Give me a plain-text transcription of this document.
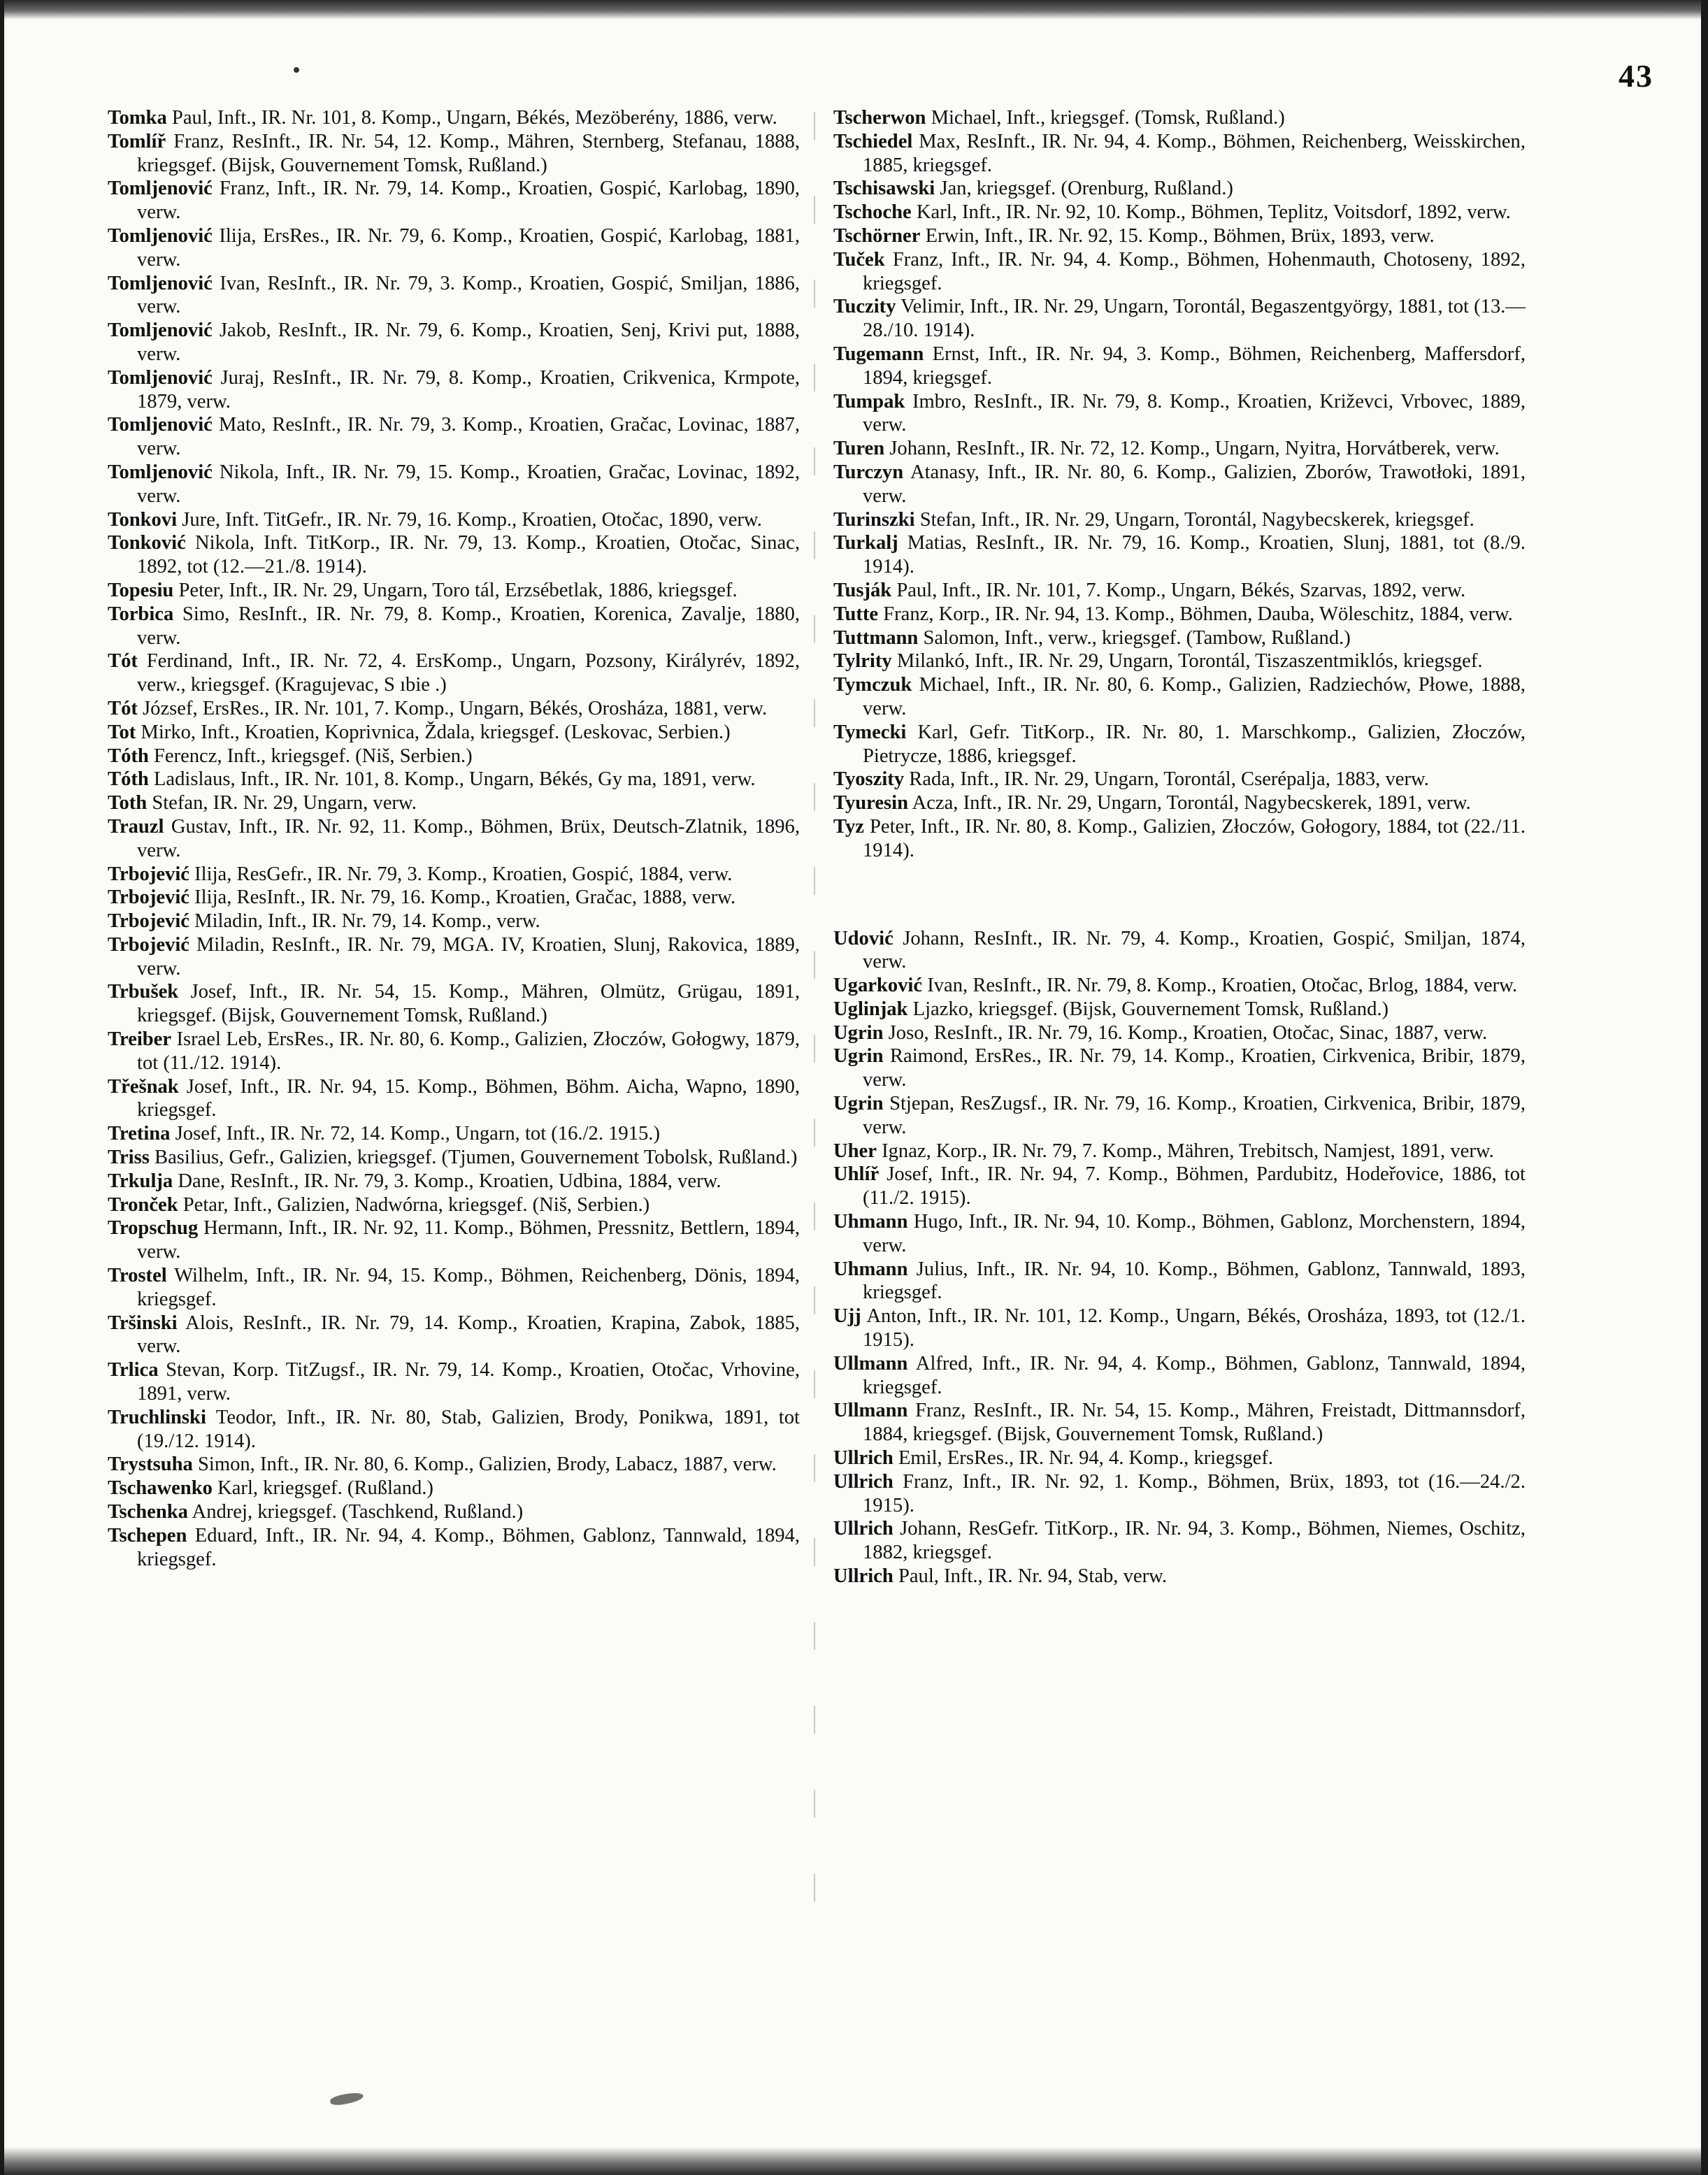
43

Tomka Paul, Inft., IR. Nr. 101, 8. Komp., Ungarn, Békés, Mezöberény, 1886, verw.

Tomlíř Franz, ResInft., IR. Nr. 54, 12. Komp., Mähren, Sternberg, Stefanau, 1888, kriegsgef. (Bijsk, Gouvernement Tomsk, Rußland.)

Tomljenović Franz, Inft., IR. Nr. 79, 14. Komp., Kroatien, Gospić, Karlobag, 1890, verw.

Tomljenović Ilija, ErsRes., IR. Nr. 79, 6. Komp., Kroatien, Gospić, Karlobag, 1881, verw.

Tomljenović Ivan, ResInft., IR. Nr. 79, 3. Komp., Kroatien, Gospić, Smiljan, 1886, verw.

Tomljenović Jakob, ResInft., IR. Nr. 79, 6. Komp., Kroatien, Senj, Krivi put, 1888, verw.

Tomljenović Juraj, ResInft., IR. Nr. 79, 8. Komp., Kroatien, Crikvenica, Krmpote, 1879, verw.

Tomljenović Mato, ResInft., IR. Nr. 79, 3. Komp., Kroatien, Gračac, Lovinac, 1887, verw.

Tomljenović Nikola, Inft., IR. Nr. 79, 15. Komp., Kroatien, Gračac, Lovinac, 1892, verw.

Tonkovi Jure, Inft. TitGefr., IR. Nr. 79, 16. Komp., Kroatien, Otočac, 1890, verw.

Tonković Nikola, Inft. TitKorp., IR. Nr. 79, 13. Komp., Kroatien, Otočac, Sinac, 1892, tot (12.—21./8. 1914).

Topesiu Peter, Inft., IR. Nr. 29, Ungarn, Toro tál, Erzsébetlak, 1886, kriegsgef.

Torbica Simo, ResInft., IR. Nr. 79, 8. Komp., Kroatien, Korenica, Zavalje, 1880, verw.

Tót Ferdinand, Inft., IR. Nr. 72, 4. ErsKomp., Ungarn, Pozsony, Királyrév, 1892, verw., kriegsgef. (Kragujevac, S ıbie .)

Tót József, ErsRes., IR. Nr. 101, 7. Komp., Ungarn, Békés, Orosháza, 1881, verw.

Tot Mirko, Inft., Kroatien, Koprivnica, Ždala, kriegsgef. (Leskovac, Serbien.)

Tóth Ferencz, Inft., kriegsgef. (Niš, Serbien.)

Tóth Ladislaus, Inft., IR. Nr. 101, 8. Komp., Ungarn, Békés, Gy ma, 1891, verw.

Toth Stefan, IR. Nr. 29, Ungarn, verw.

Trauzl Gustav, Inft., IR. Nr. 92, 11. Komp., Böhmen, Brüx, Deutsch-Zlatnik, 1896, verw.

Trbojević Ilija, ResGefr., IR. Nr. 79, 3. Komp., Kroatien, Gospić, 1884, verw.

Trbojević Ilija, ResInft., IR. Nr. 79, 16. Komp., Kroatien, Gračac, 1888, verw.

Trbojević Miladin, Inft., IR. Nr. 79, 14. Komp., verw.

Trbojević Miladin, ResInft., IR. Nr. 79, MGA. IV, Kroatien, Slunj, Rakovica, 1889, verw.

Trbušek Josef, Inft., IR. Nr. 54, 15. Komp., Mähren, Olmütz, Grügau, 1891, kriegsgef. (Bijsk, Gouvernement Tomsk, Rußland.)

Treiber Israel Leb, ErsRes., IR. Nr. 80, 6. Komp., Galizien, Złoczów, Gołogwy, 1879, tot (11./12. 1914).

Třešnak Josef, Inft., IR. Nr. 94, 15. Komp., Böhmen, Böhm. Aicha, Wapno, 1890, kriegsgef.

Tretina Josef, Inft., IR. Nr. 72, 14. Komp., Ungarn, tot (16./2. 1915.)

Triss Basilius, Gefr., Galizien, kriegsgef. (Tjumen, Gouvernement Tobolsk, Rußland.)

Trkulja Dane, ResInft., IR. Nr. 79, 3. Komp., Kroatien, Udbina, 1884, verw.

Tronček Petar, Inft., Galizien, Nadwórna, kriegsgef. (Niš, Serbien.)

Tropschug Hermann, Inft., IR. Nr. 92, 11. Komp., Böhmen, Pressnitz, Bettlern, 1894, verw.

Trostel Wilhelm, Inft., IR. Nr. 94, 15. Komp., Böhmen, Reichenberg, Dönis, 1894, kriegsgef.

Tršinski Alois, ResInft., IR. Nr. 79, 14. Komp., Kroatien, Krapina, Zabok, 1885, verw.

Trlica Stevan, Korp. TitZugsf., IR. Nr. 79, 14. Komp., Kroatien, Otočac, Vrhovine, 1891, verw.

Truchlinski Teodor, Inft., IR. Nr. 80, Stab, Galizien, Brody, Ponikwa, 1891, tot (19./12. 1914).

Trystsuha Simon, Inft., IR. Nr. 80, 6. Komp., Galizien, Brody, Labacz, 1887, verw.

Tschawenko Karl, kriegsgef. (Rußland.)

Tschenka Andrej, kriegsgef. (Taschkend, Rußland.)

Tschepen Eduard, Inft., IR. Nr. 94, 4. Komp., Böhmen, Gablonz, Tannwald, 1894, kriegsgef.

Tscherwon Michael, Inft., kriegsgef. (Tomsk, Rußland.)

Tschiedel Max, ResInft., IR. Nr. 94, 4. Komp., Böhmen, Reichenberg, Weisskirchen, 1885, kriegsgef.

Tschisawski Jan, kriegsgef. (Orenburg, Rußland.)

Tschoche Karl, Inft., IR. Nr. 92, 10. Komp., Böhmen, Teplitz, Voitsdorf, 1892, verw.

Tschörner Erwin, Inft., IR. Nr. 92, 15. Komp., Böhmen, Brüx, 1893, verw.

Tuček Franz, Inft., IR. Nr. 94, 4. Komp., Böhmen, Hohenmauth, Chotoseny, 1892, kriegsgef.

Tuczity Velimir, Inft., IR. Nr. 29, Ungarn, Torontál, Begaszentgyörgy, 1881, tot (13.—28./10. 1914).

Tugemann Ernst, Inft., IR. Nr. 94, 3. Komp., Böhmen, Reichenberg, Maffersdorf, 1894, kriegsgef.

Tumpak Imbro, ResInft., IR. Nr. 79, 8. Komp., Kroatien, Križevci, Vrbovec, 1889, verw.

Turen Johann, ResInft., IR. Nr. 72, 12. Komp., Ungarn, Nyitra, Horvátberek, verw.

Turczyn Atanasy, Inft., IR. Nr. 80, 6. Komp., Galizien, Zborów, Trawotłoki, 1891, verw.

Turinszki Stefan, Inft., IR. Nr. 29, Ungarn, Torontál, Nagybecskerek, kriegsgef.

Turkalj Matias, ResInft., IR. Nr. 79, 16. Komp., Kroatien, Slunj, 1881, tot (8./9. 1914).

Tusják Paul, Inft., IR. Nr. 101, 7. Komp., Ungarn, Békés, Szarvas, 1892, verw.

Tutte Franz, Korp., IR. Nr. 94, 13. Komp., Böhmen, Dauba, Wöleschitz, 1884, verw.

Tuttmann Salomon, Inft., verw., kriegsgef. (Tambow, Rußland.)

Tylrity Milankó, Inft., IR. Nr. 29, Ungarn, Torontál, Tiszaszentmiklós, kriegsgef.

Tymczuk Michael, Inft., IR. Nr. 80, 6. Komp., Galizien, Radziechów, Płowe, 1888, verw.

Tymecki Karl, Gefr. TitKorp., IR. Nr. 80, 1. Marschkomp., Galizien, Złoczów, Pietrycze, 1886, kriegsgef.

Tyoszity Rada, Inft., IR. Nr. 29, Ungarn, Torontál, Cserépalja, 1883, verw.

Tyuresin Acza, Inft., IR. Nr. 29, Ungarn, Torontál, Nagybecskerek, 1891, verw.

Tyz Peter, Inft., IR. Nr. 80, 8. Komp., Galizien, Złoczów, Gołogory, 1884, tot (22./11. 1914).

Udović Johann, ResInft., IR. Nr. 79, 4. Komp., Kroatien, Gospić, Smiljan, 1874, verw.

Ugarković Ivan, ResInft., IR. Nr. 79, 8. Komp., Kroatien, Otočac, Brlog, 1884, verw.

Uglinjak Ljazko, kriegsgef. (Bijsk, Gouvernement Tomsk, Rußland.)

Ugrin Joso, ResInft., IR. Nr. 79, 16. Komp., Kroatien, Otočac, Sinac, 1887, verw.

Ugrin Raimond, ErsRes., IR. Nr. 79, 14. Komp., Kroatien, Cirkvenica, Bribir, 1879, verw.

Ugrin Stjepan, ResZugsf., IR. Nr. 79, 16. Komp., Kroatien, Cirkvenica, Bribir, 1879, verw.

Uher Ignaz, Korp., IR. Nr. 79, 7. Komp., Mähren, Trebitsch, Namjest, 1891, verw.

Uhlíř Josef, Inft., IR. Nr. 94, 7. Komp., Böhmen, Pardubitz, Hodeřovice, 1886, tot (11./2. 1915).

Uhmann Hugo, Inft., IR. Nr. 94, 10. Komp., Böhmen, Gablonz, Morchenstern, 1894, verw.

Uhmann Julius, Inft., IR. Nr. 94, 10. Komp., Böhmen, Gablonz, Tannwald, 1893, kriegsgef.

Ujj Anton, Inft., IR. Nr. 101, 12. Komp., Ungarn, Békés, Orosháza, 1893, tot (12./1. 1915).

Ullmann Alfred, Inft., IR. Nr. 94, 4. Komp., Böhmen, Gablonz, Tannwald, 1894, kriegsgef.

Ullmann Franz, ResInft., IR. Nr. 54, 15. Komp., Mähren, Freistadt, Dittmannsdorf, 1884, kriegsgef. (Bijsk, Gouvernement Tomsk, Rußland.)

Ullrich Emil, ErsRes., IR. Nr. 94, 4. Komp., kriegsgef.

Ullrich Franz, Inft., IR. Nr. 92, 1. Komp., Böhmen, Brüx, 1893, tot (16.—24./2. 1915).

Ullrich Johann, ResGefr. TitKorp., IR. Nr. 94, 3. Komp., Böhmen, Niemes, Oschitz, 1882, kriegsgef.

Ullrich Paul, Inft., IR. Nr. 94, Stab, verw.
